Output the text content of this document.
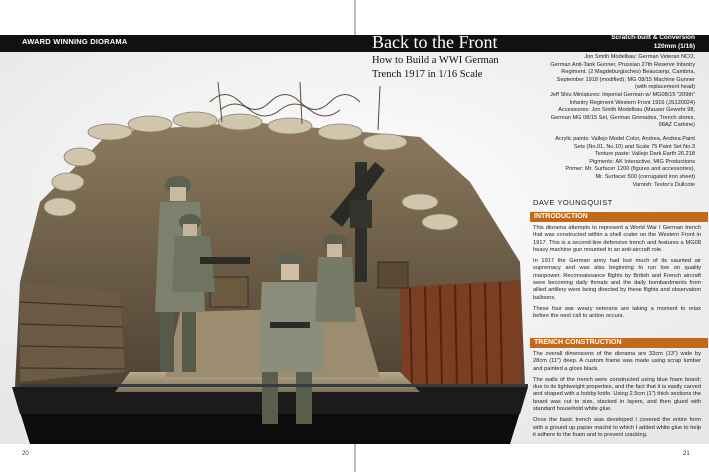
AWARD WINNING DIORAMA	Back to the Front
How to Build a WWI German Trench 1917 in 1/16 Scale
Scratch-built & Conversion
120mm (1/16)
Jon Smith Modelbau: German Veteran NCO,
German Anti-Tank Gunner, Prussian 27th Reserve Infantry
Regiment. (2 Magdeburgisches) Beaucamp, Cambria,
September 1918 (modified); MG 08/15 Machine Gunner
(with replacement head)
Jeff Shiu Miniatures: Imperial German w/ MG08/15 "209th"
Infantry Regiment Western Front 1916 (JS120024)
Accessories: Jon Smith Modelbau (Mauser Gewehr 98,
German MG 08/15 Set, German Grenades, Trench stores,
98AZ Carbine)
Acrylic paints: Vallejo Model Color, Andrea, Andrea Paint
Sets (No.01, No.10) and Scale 75 Paint Set No.3
Texture paste: Vallejo Dark Earth 26.218
Pigments: AK Interactive, MIG Productions
Primer: Mr. Surfacer 1200 (figures and accessories),
Mr. Surfacer 500 (corrugated iron sheet)
Varnish: Testor's Dullcote
DAVE YOUNGQUIST
INTRODUCTION

This diorama attempts to represent a World War I German trench that was constructed within a shell crater on the Western Front in 1917. This is a second-line defensive trench and features a MG08 heavy machine gun mounted in an anti-aircraft role.

In 1917 the German army had lost much of its vaunted air supremacy and was also beginning to run low on quality manpower. Reconnaissance flights by British and French aircraft were becoming daily threats and the daily bombardments from allied artillery were being directed by these flights and observation balloons.

These four war weary veterans are taking a moment to relax before the next call to action occurs.

TRENCH CONSTRUCTION

The overall dimensions of the diorama are 33cm (13") wide by 28cm (11") deep. A custom frame was made using scrap lumber and painted a gloss black.

The walls of the trench were constructed using blue foam board; due to its lightweight properties, and the fact that it is easily carved and shaped with a hobby knife. Using 2.5cm (1") thick sections the board was cut to size, stacked in layers, and then glued with standard household white glue.

Once the basic trench was developed I covered the entire form with a ground up papier maché to which I added white glue to help it adhere to the foam and to prevent cracking.

20	21
